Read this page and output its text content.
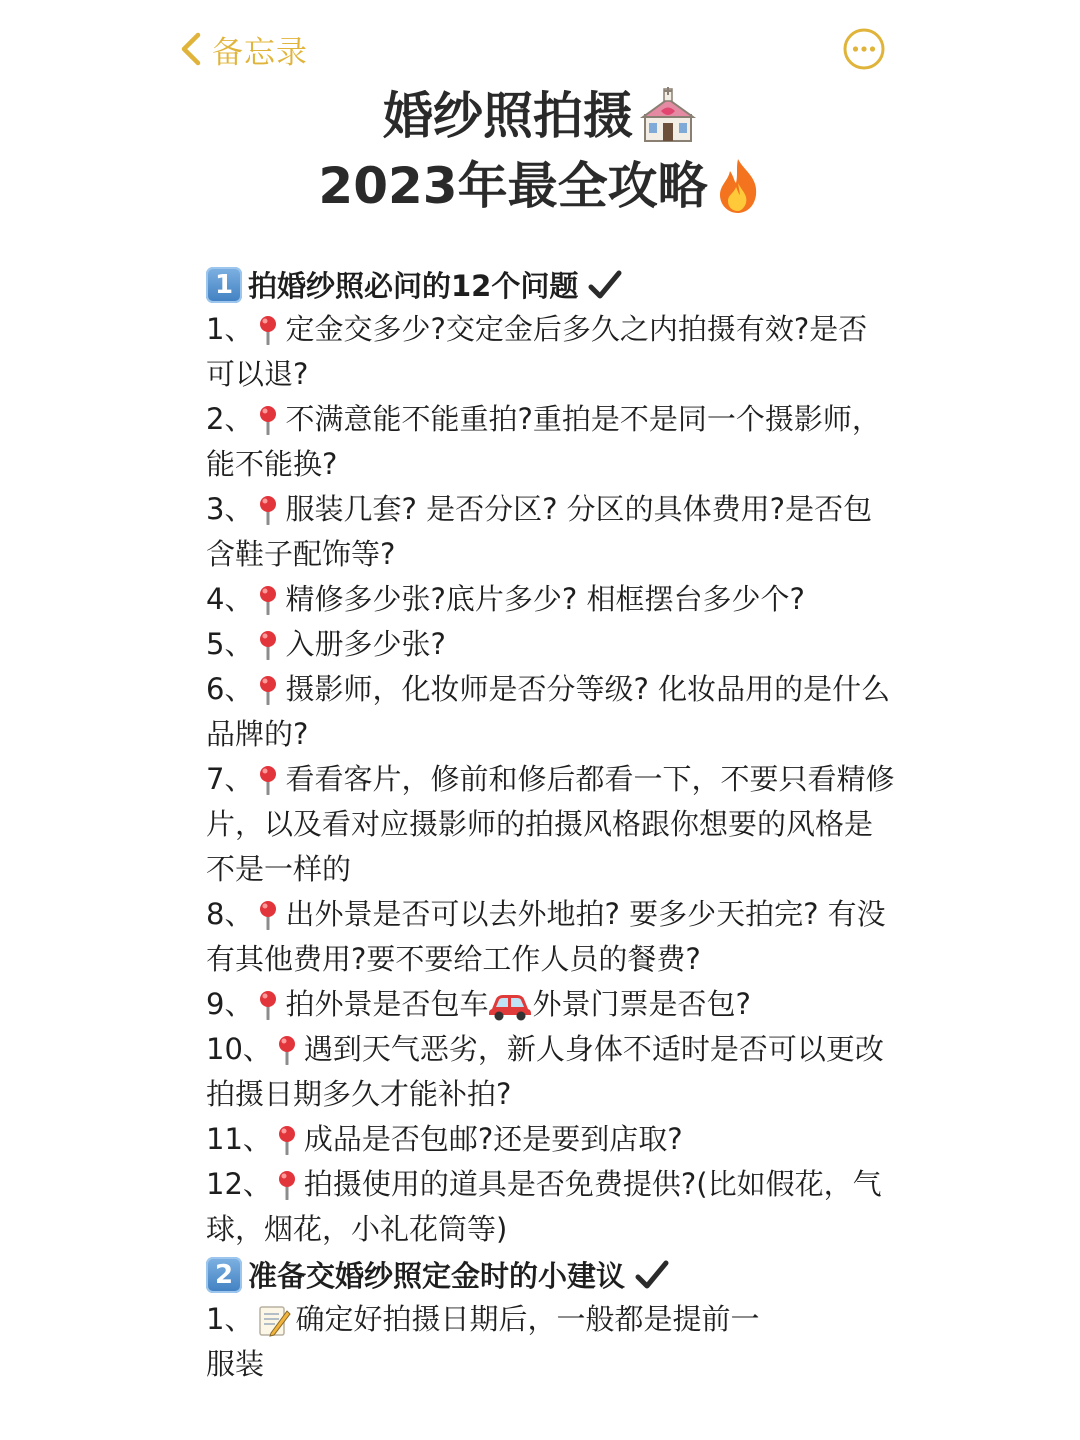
备忘录
婚纱照拍摄
2023年最全攻略
1 拍婚纱照必问的12个问题
1、 定金交多少?交定金后多久之内拍摄有效?是否可以退?
2、 不满意能不能重拍?重拍是不是同一个摄影师，能不能换?
3、 服装几套? 是否分区? 分区的具体费用?是否包含鞋子配饰等?
4、 精修多少张?底片多少? 相框摆台多少个?
5、 入册多少张?
6、 摄影师，化妆师是否分等级? 化妆品用的是什么品牌的?
7、 看看客片，修前和修后都看一下，不要只看精修片，以及看对应摄影师的拍摄风格跟你想要的风格是不是一样的
8、 出外景是否可以去外地拍? 要多少天拍完? 有没有其他费用?要不要给工作人员的餐费?
9、 拍外景是否包车 外景门票是否包?
10、 遇到天气恶劣，新人身体不适时是否可以更改拍摄日期多久才能补拍?
11、 成品是否包邮?还是要到店取?
12、 拍摄使用的道具是否免费提供?(比如假花，气球，烟花，小礼花筒等)
2 准备交婚纱照定金时的小建议
1、 确定好拍摄日期后，一般都是提前一
服装
